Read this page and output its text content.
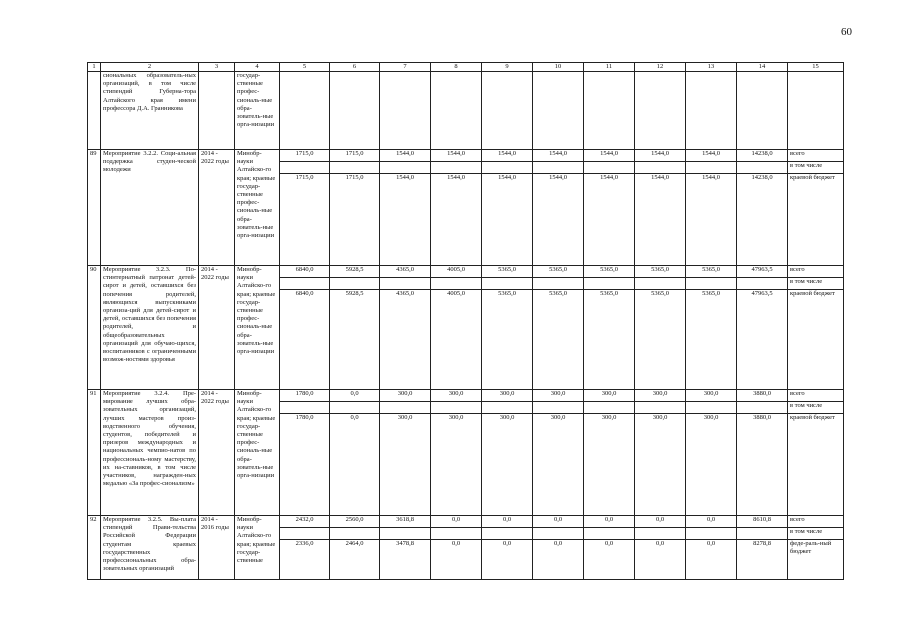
60
1	2	3	4	5	6	7	8	9	10	11	12	13	14	15
	сиональных образователь-ных организаций, в том числе стипендий Губерна-тора Алтайского края имени профессора Д.А. Гранникова		государ-ственные профес-сиональ-ные обра-зователь-ные орга-низации											
89	Мероприятие 3.2.2. Соци-альная поддержка студен-ческой молодежи	2014 - 2022 годы	Минобр-науки Алтайско-го края; краевые государ-ственные профес-сиональ-ные обра-зователь-ные орга-низации	1715,0	1715,0	1544,0	1544,0	1544,0	1544,0	1544,0	1544,0	1544,0	14238,0	всего
														в том числе
				1715,0	1715,0	1544,0	1544,0	1544,0	1544,0	1544,0	1544,0	1544,0	14238,0	краевой бюджет
90	Мероприятие 3.2.3. По-стинтернатный патронат детей-сирот и детей, оставшихся без попечения родителей, являющихся выпускниками организа-ций для детей-сирот и детей, оставшихся без попечения родителей, и общеобразовательных организаций для обучаю-щихся, воспитанников с ограниченными возмож-ностями здоровья	2014 - 2022 годы	Минобр-науки Алтайско-го края; краевые государ-ственные профес-сиональ-ные обра-зователь-ные орга-низации	6840,0	5928,5	4365,0	4005,0	5365,0	5365,0	5365,0	5365,0	5365,0	47963,5	всего
														в том числе
				6840,0	5928,5	4365,0	4005,0	5365,0	5365,0	5365,0	5365,0	5365,0	47963,5	краевой бюджет
91	Мероприятие 3.2.4. Пре-мирование лучших обра-зовательных организаций, лучших мастеров произ-водственного обучения, студентов, победителей и призеров международных и национальных чемпио-натов по профессиональ-ному мастерству, их на-ставников, в том числе участников, награжден-ных медалью «За профес-сионализм»	2014 - 2022 годы	Минобр-науки Алтайско-го края; краевые государ-ственные профес-сиональ-ные обра-зователь-ные орга-низации	1780,0	0,0	300,0	300,0	300,0	300,0	300,0	300,0	300,0	3880,0	всего
														в том числе
				1780,0	0,0	300,0	300,0	300,0	300,0	300,0	300,0	300,0	3880,0	краевой бюджет
92	Мероприятие 3.2.5. Вы-плата стипендий Прави-тельства Российской Федерации студентам краевых государственных профессиональных обра-зовательных организаций	2014 - 2016 годы	Минобр-науки Алтайско-го края; краевые государ-ственные	2432,0	2560,0	3618,8	0,0	0,0	0,0	0,0	0,0	0,0	8610,8	всего
														в том числе
				2336,0	2464,0	3478,8	0,0	0,0	0,0	0,0	0,0	0,0	8278,8	феде-раль-ный бюджет
